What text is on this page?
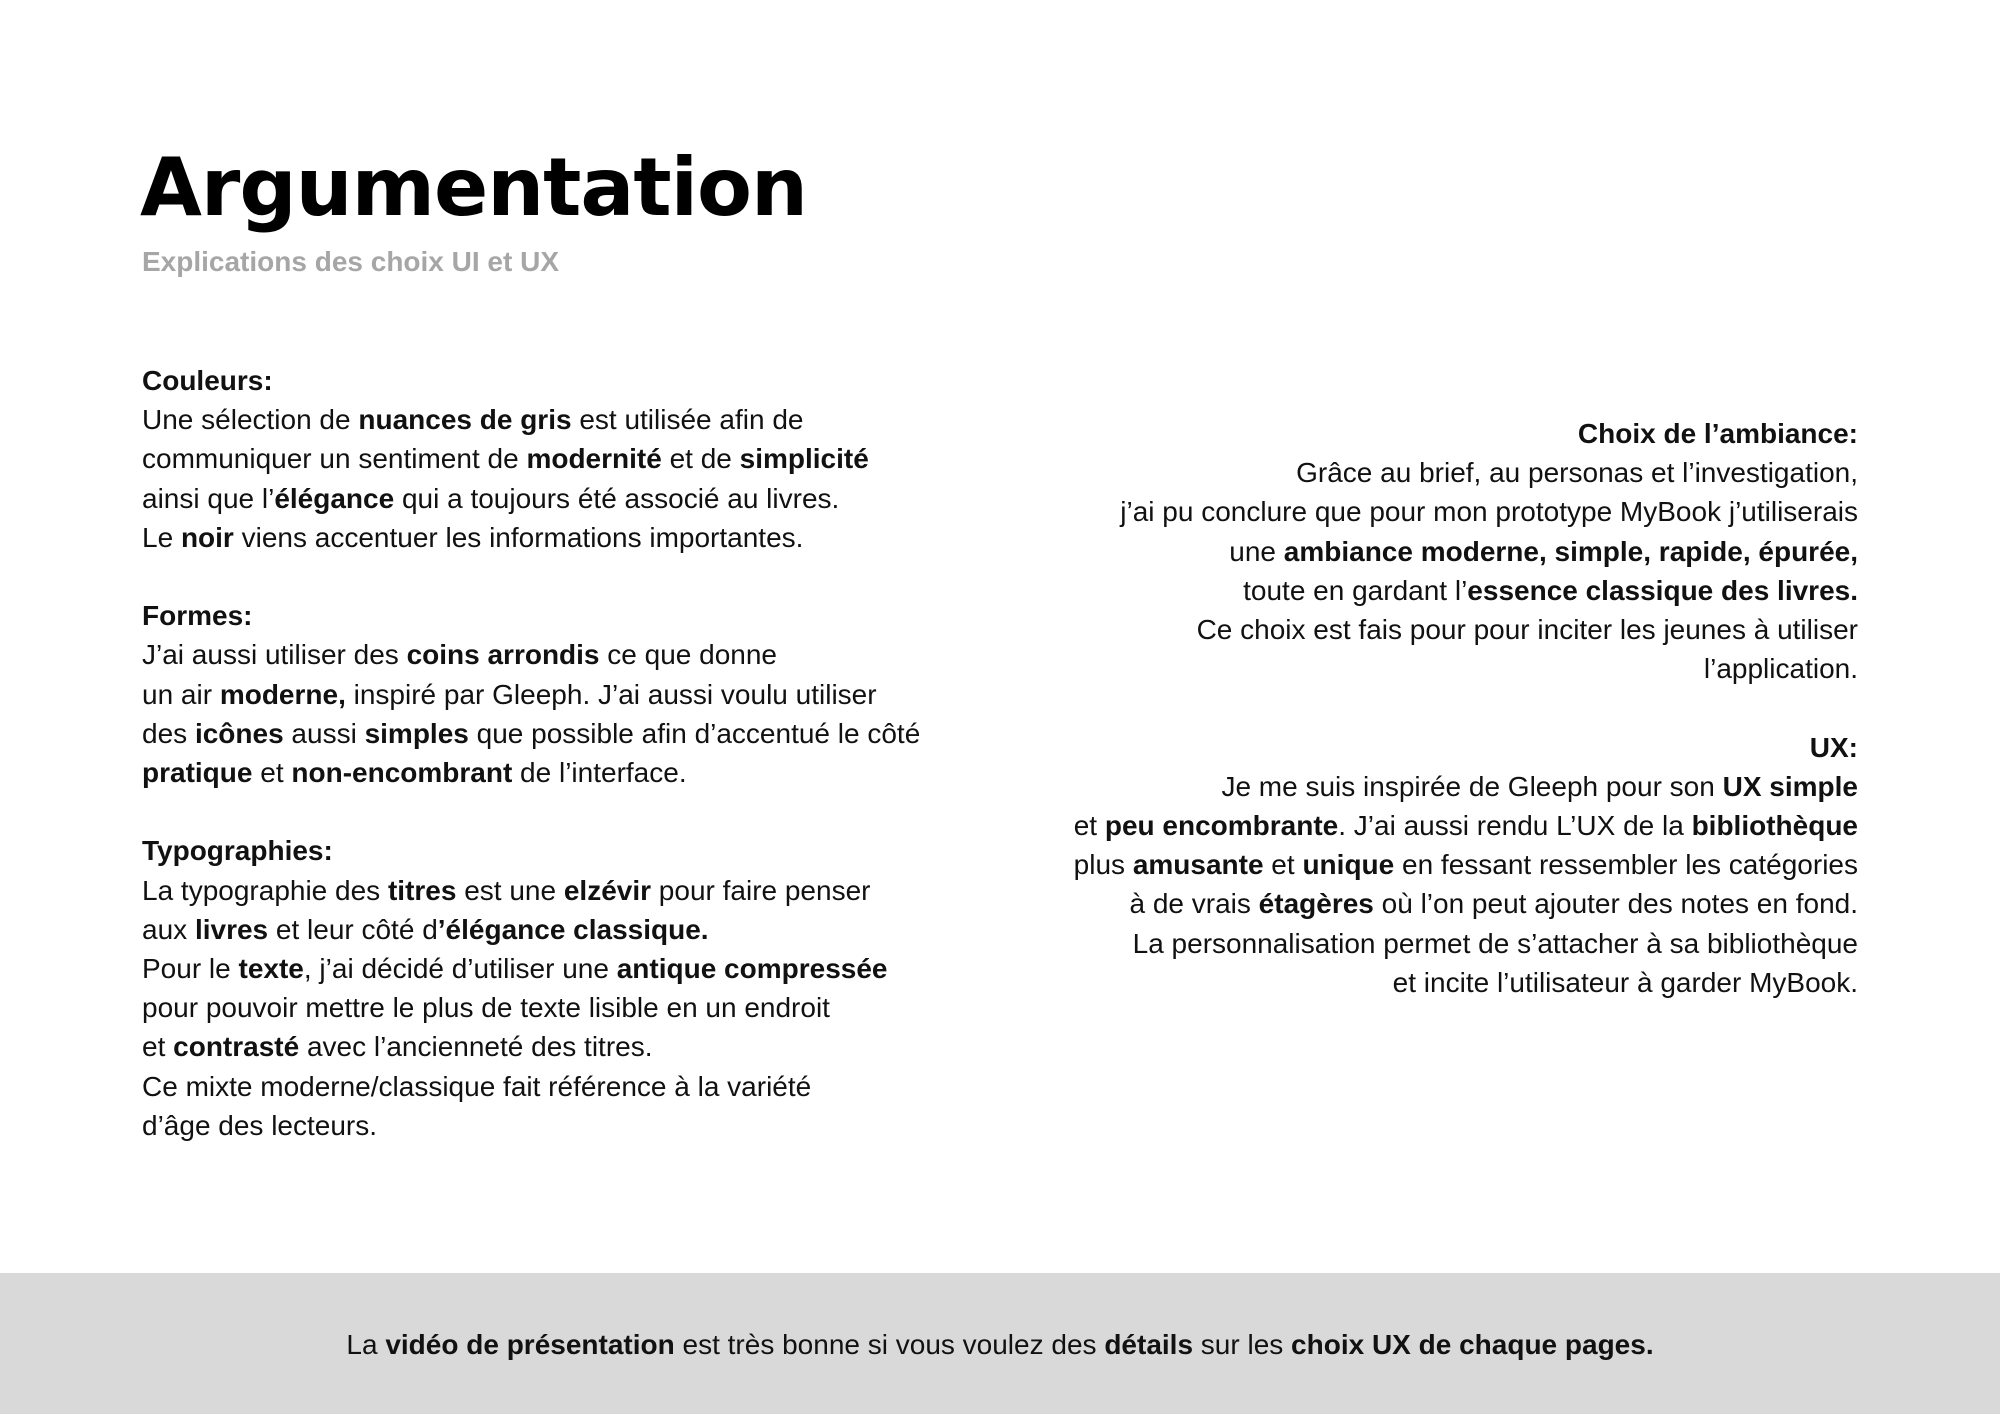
Argumentation
Explications des choix UI et UX
Couleurs:
Une sélection de nuances de gris est utilisée afin de
communiquer un sentiment de modernité et de simplicité
ainsi que l’élégance qui a toujours été associé au livres.
Le noir viens accentuer les informations importantes.
Formes:
J’ai aussi utiliser des coins arrondis ce que donne
un air moderne, inspiré par Gleeph. J’ai aussi voulu utiliser
des icônes aussi simples que possible afin d’accentué le côté
pratique et non-encombrant de l’interface.
Typographies:
La typographie des titres est une elzévir pour faire penser
aux livres et leur côté d’élégance classique.
Pour le texte, j’ai décidé d’utiliser une antique compressée
pour pouvoir mettre le plus de texte lisible en un endroit
et contrasté avec l’ancienneté des titres.
Ce mixte moderne/classique fait référence à la variété
d’âge des lecteurs.
Choix de l’ambiance:
Grâce au brief, au personas et l’investigation,
j’ai pu conclure que pour mon prototype MyBook j’utiliserais
une ambiance moderne, simple, rapide, épurée,
toute en gardant l’essence classique des livres.
Ce choix est fais pour pour inciter les jeunes à utiliser
l’application.
UX:
Je me suis inspirée de Gleeph pour son UX simple
et peu encombrante. J’ai aussi rendu L’UX de la bibliothèque
plus amusante et unique en fessant ressembler les catégories
à de vrais étagères où l’on peut ajouter des notes en fond.
La personnalisation permet de s’attacher à sa bibliothèque
et incite l’utilisateur à garder MyBook.
La vidéo de présentation est très bonne si vous voulez des détails sur les choix UX de chaque pages.
